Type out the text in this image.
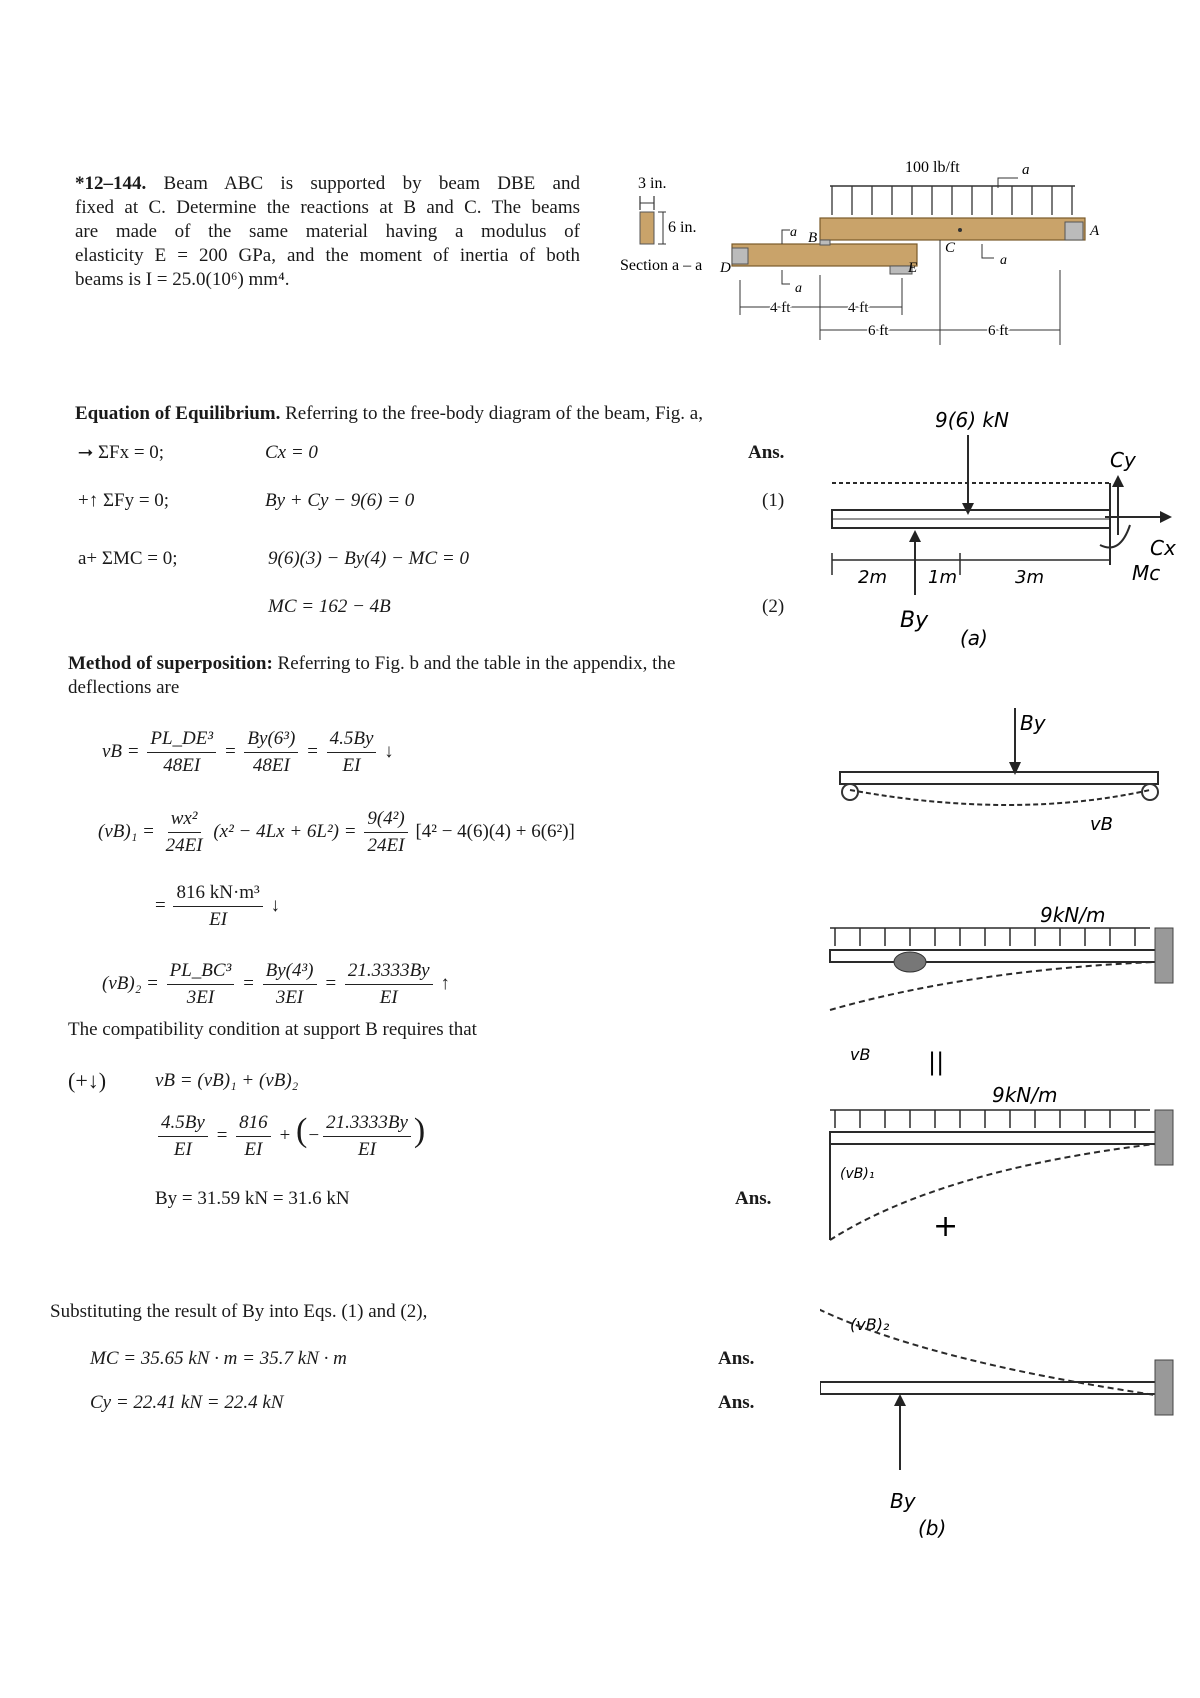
*12–144. Beam ABC is supported by beam DBE and
fixed at C. Determine the reactions at B and C. The beams
are made of the same material having a modulus of
elasticity E = 200 GPa, and the moment of inertia of both
beams is I = 25.0(10⁶) mm⁴.
3 in.
6 in.
Section a – a
100 lb/ft	a
A
B
a
C
D	E
a
a
4 ft	4 ft
6 ft	6 ft
Equation of Equilibrium. Referring to the free-body diagram of the beam, Fig. a,
⭢ ΣFx = 0;	Cx = 0	Ans.
+↑ ΣFy = 0;	By + Cy − 9(6) = 0	(1)
a+ ΣMC = 0;	9(6)(3) − By(4) − MC = 0
MC = 162 − 4B	(2)
Method of superposition: Referring to Fig. b and the table in the appendix, the deflections are
vB = $\frac{\text{PL\_DE³}}{48EI} = \frac{\text{By(6³)}}{48EI} = \frac{4.5By}{EI}$ ↓
$(vB)_1 = \frac{\text{wx²}}{24EI} (x^2 - 4Lx + 6L^2) = \frac{\text{9(4²)}}{24EI} [4^2 - 4(6)(4) + 6(6^2)]$
= $\frac{\text{816 kN·m³}}{EI}$ ↓
$(vB)_2 = \frac{\text{PL\_BC³}}{3EI} = \frac{\text{By(4³)}}{3EI} = \frac{21.3333By}{EI}$ ↑
The compatibility condition at support B requires that
(+↓)	vB = (vB)₁ + (vB)₂
$\frac{4.5By}{EI} = \frac{816}{EI}$ + (− $\frac{21.3333By}{EI}$ )
By = 31.59 kN = 31.6 kN	Ans.
Substituting the result of By into Eqs. (1) and (2),
MC = 35.65 kN · m = 35.7 kN · m	Ans.
Cy = 22.41 kN = 22.4 kN	Ans.
9(6) kN
Cy
Cx
Mc
2m 1m	3m
By
(a)
By
vB
9kN/m
vB ||
9kN/m
(vB)₁
+
(vB)₂
By
(b)
